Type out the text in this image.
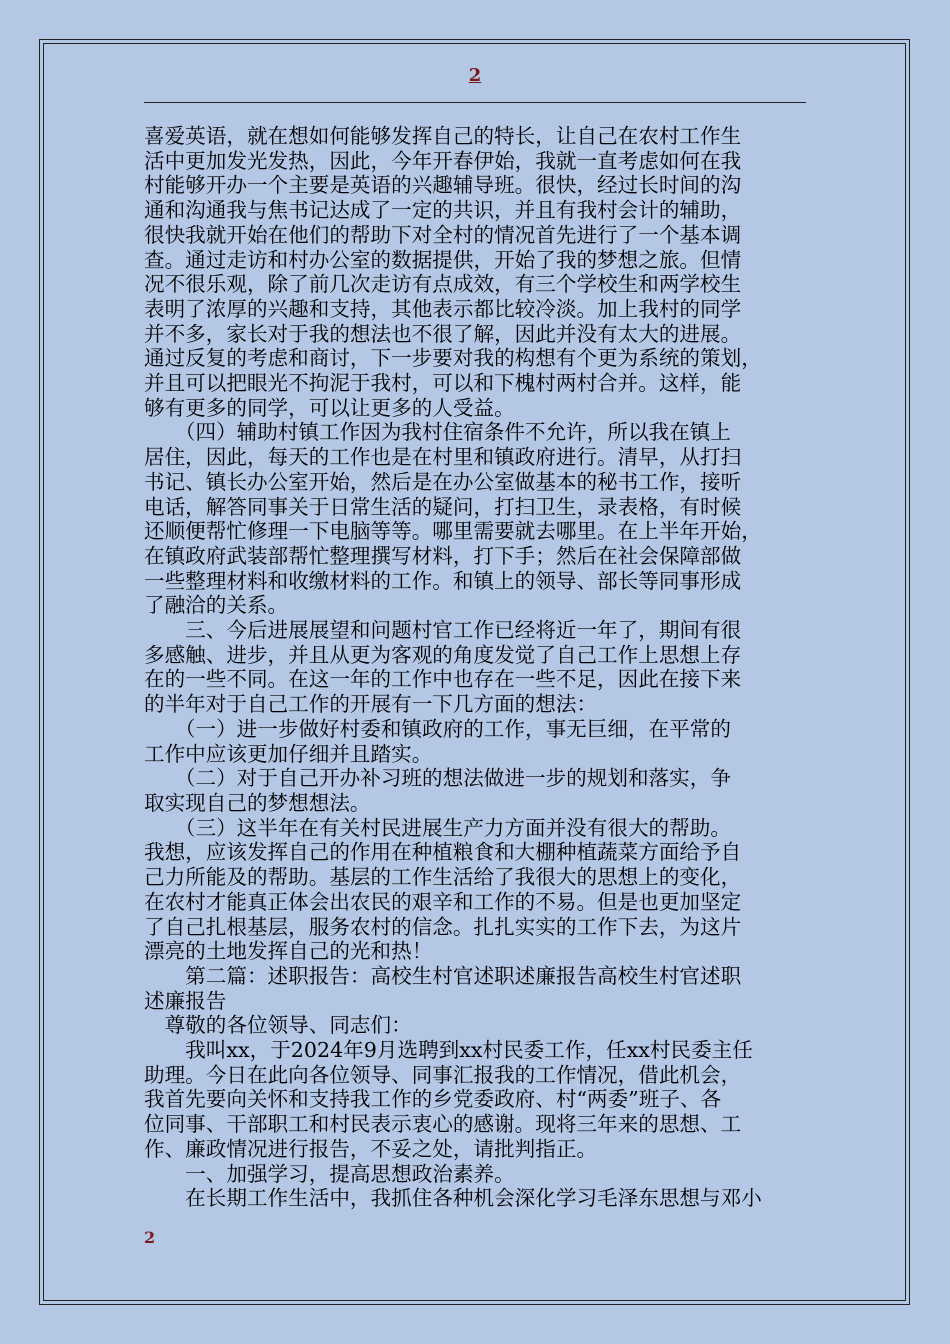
2

喜爱英语，就在想如何能够发挥自己的特长，让自己在农村工作生

活中更加发光发热，因此，今年开春伊始，我就一直考虑如何在我

村能够开办一个主要是英语的兴趣辅导班。很快，经过长时间的沟

通和沟通我与焦书记达成了一定的共识，并且有我村会计的辅助，

很快我就开始在他们的帮助下对全村的情况首先进行了一个基本调

查。通过走访和村办公室的数据提供，开始了我的梦想之旅。但情

况不很乐观，除了前几次走访有点成效，有三个学校生和两学校生

表明了浓厚的兴趣和支持，其他表示都比较冷淡。加上我村的同学

并不多，家长对于我的想法也不很了解，因此并没有太大的进展。

通过反复的考虑和商讨，下一步要对我的构想有个更为系统的策划，

并且可以把眼光不拘泥于我村，可以和下槐村两村合并。这样，能

够有更多的同学，可以让更多的人受益。

　　（四）辅助村镇工作因为我村住宿条件不允许，所以我在镇上

居住，因此，每天的工作也是在村里和镇政府进行。清早，从打扫

书记、镇长办公室开始，然后是在办公室做基本的秘书工作，接听

电话，解答同事关于日常生活的疑问，打扫卫生，录表格，有时候

还顺便帮忙修理一下电脑等等。哪里需要就去哪里。在上半年开始，

在镇政府武装部帮忙整理撰写材料，打下手；然后在社会保障部做

一些整理材料和收缴材料的工作。和镇上的领导、部长等同事形成

了融洽的关系。

　　三、今后进展展望和问题村官工作已经将近一年了，期间有很

多感触、进步，并且从更为客观的角度发觉了自己工作上思想上存

在的一些不同。在这一年的工作中也存在一些不足，因此在接下来

的半年对于自己工作的开展有一下几方面的想法：

　　（一）进一步做好村委和镇政府的工作，事无巨细，在平常的

工作中应该更加仔细并且踏实。

　　（二）对于自己开办补习班的想法做进一步的规划和落实，争

取实现自己的梦想想法。

　　（三）这半年在有关村民进展生产力方面并没有很大的帮助。

我想，应该发挥自己的作用在种植粮食和大棚种植蔬菜方面给予自

己力所能及的帮助。基层的工作生活给了我很大的思想上的变化，

在农村才能真正体会出农民的艰辛和工作的不易。但是也更加坚定

了自己扎根基层，服务农村的信念。扎扎实实的工作下去，为这片

漂亮的土地发挥自己的光和热！

　　第二篇：述职报告：高校生村官述职述廉报告高校生村官述职

述廉报告

　尊敬的各位领导、同志们：

　　我叫xx，于2024年9月选聘到xx村民委工作，任xx村民委主任

助理。今日在此向各位领导、同事汇报我的工作情况，借此机会，

我首先要向关怀和支持我工作的乡党委政府、村“两委”班子、各

位同事、干部职工和村民表示衷心的感谢。现将三年来的思想、工

作、廉政情况进行报告，不妥之处，请批判指正。

　　一、加强学习，提高思想政治素养。

　　在长期工作生活中，我抓住各种机会深化学习毛泽东思想与邓小

2
